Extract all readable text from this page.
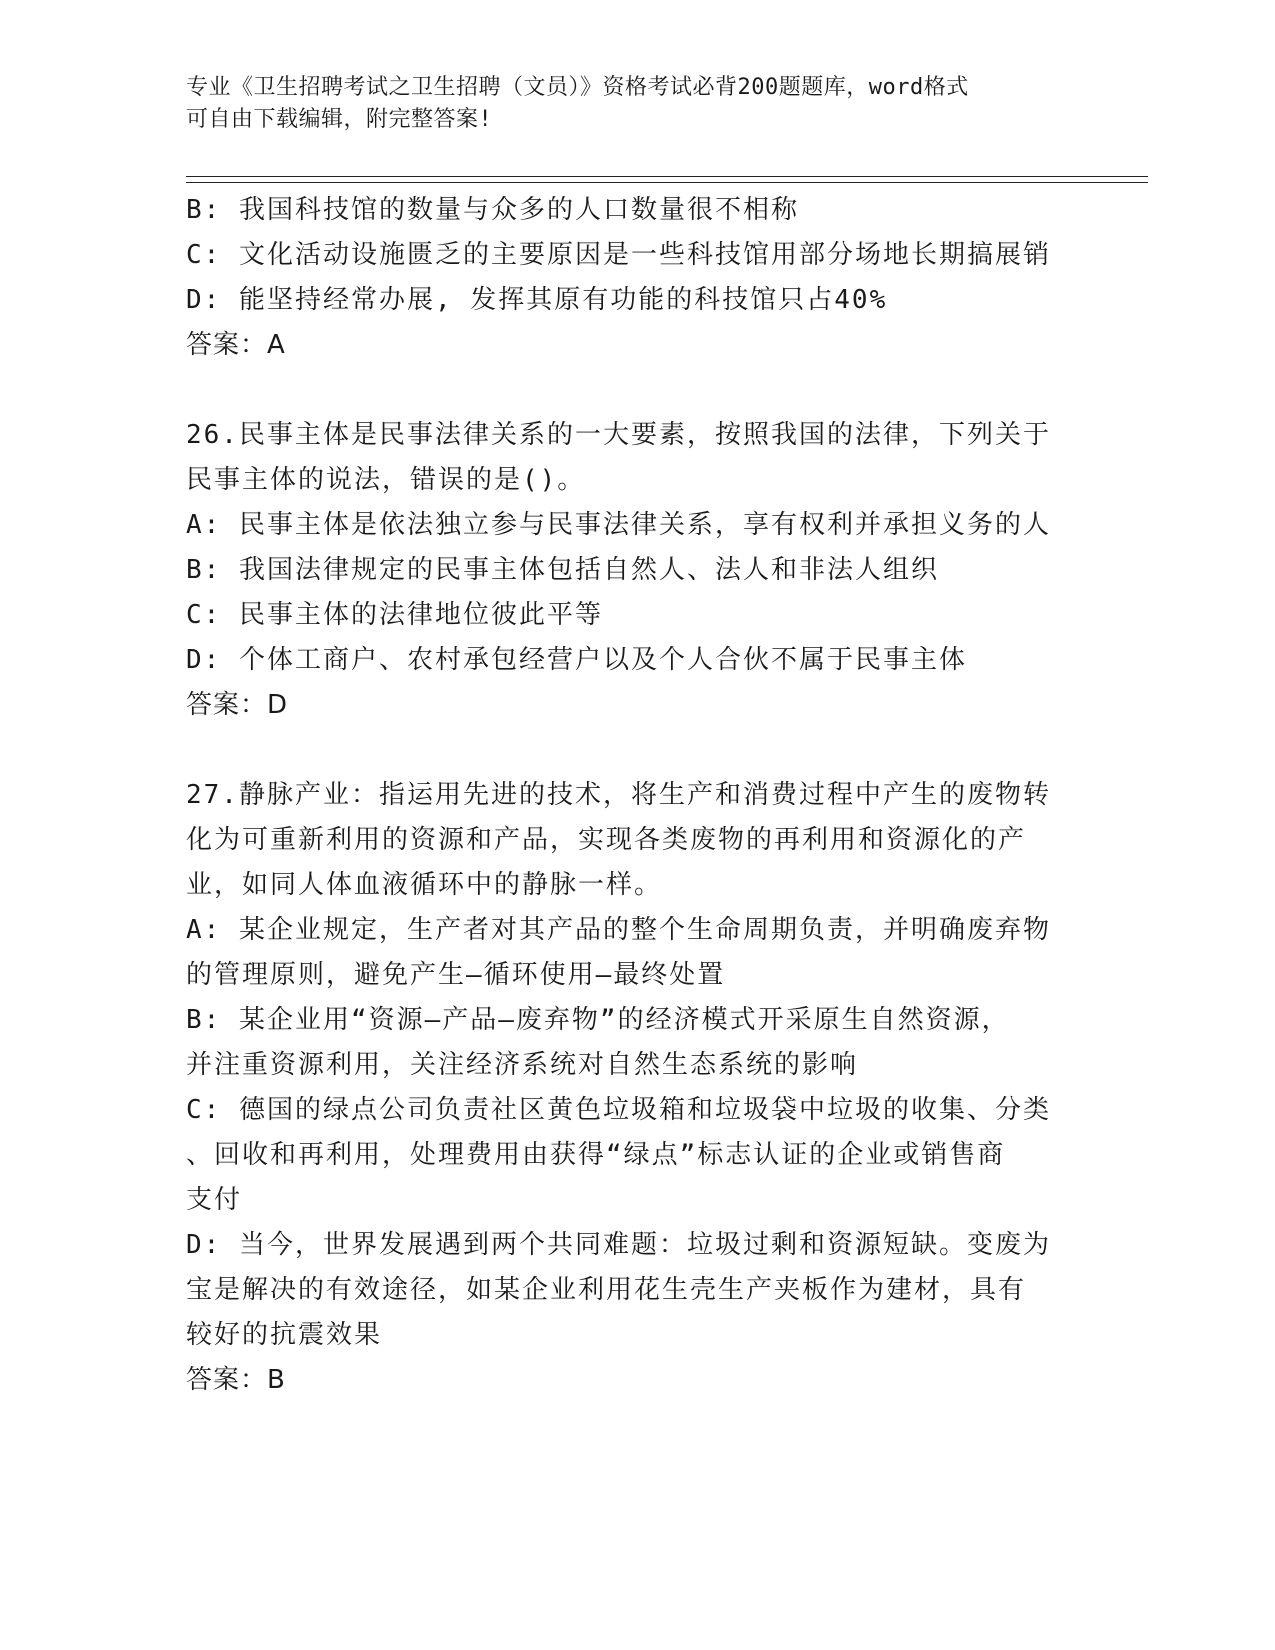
专业《卫生招聘考试之卫生招聘（文员）》资格考试必背200题题库，word格式
可自由下载编辑，附完整答案!
B: 我国科技馆的数量与众多的人口数量很不相称
C: 文化活动设施匮乏的主要原因是一些科技馆用部分场地长期搞展销
D: 能坚持经常办展, 发挥其原有功能的科技馆只占40%
答案：A
26.民事主体是民事法律关系的一大要素，按照我国的法律，下列关于
民事主体的说法，错误的是()。
A: 民事主体是依法独立参与民事法律关系，享有权利并承担义务的人
B: 我国法律规定的民事主体包括自然人、法人和非法人组织
C: 民事主体的法律地位彼此平等
D: 个体工商户、农村承包经营户以及个人合伙不属于民事主体
答案：D
27.静脉产业：指运用先进的技术，将生产和消费过程中产生的废物转
化为可重新利用的资源和产品，实现各类废物的再利用和资源化的产
业，如同人体血液循环中的静脉一样。
A: 某企业规定，生产者对其产品的整个生命周期负责，并明确废弃物
的管理原则，避免产生—循环使用—最终处置
B: 某企业用“资源—产品—废弃物”的经济模式开采原生自然资源，
并注重资源利用，关注经济系统对自然生态系统的影响
C: 德国的绿点公司负责社区黄色垃圾箱和垃圾袋中垃圾的收集、分类
、回收和再利用，处理费用由获得“绿点”标志认证的企业或销售商
支付
D: 当今，世界发展遇到两个共同难题：垃圾过剩和资源短缺。变废为
宝是解决的有效途径，如某企业利用花生壳生产夹板作为建材，具有
较好的抗震效果
答案：B
